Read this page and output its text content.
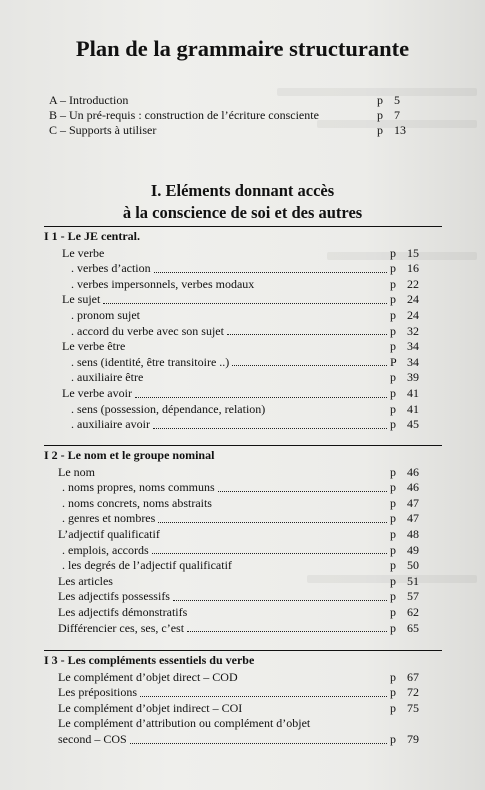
Plan de la grammaire structurante
A – Introduction	p 5
B – Un pré-requis : construction de l’écriture consciente	p 7
C – Supports à utiliser	p 13
I. Eléments donnant accès
à la conscience de soi et des autres
I 1 - Le JE central.
Le verbe	p 15
. verbes d’action	p 16
. verbes impersonnels, verbes modaux	p 22
Le sujet	p 24
. pronom sujet	p 24
. accord du verbe avec son sujet	p 32
Le verbe être	p 34
. sens (identité, être transitoire ..)	P 34
. auxiliaire être	p 39
Le verbe avoir	p 41
. sens (possession, dépendance, relation)	p 41
. auxiliaire avoir	p 45
I 2 - Le nom et le groupe nominal
Le nom	p 46
. noms propres, noms communs	p 46
. noms concrets, noms abstraits	p 47
. genres et nombres	p 47
L’adjectif qualificatif	p 48
. emplois, accords	p 49
. les degrés de l’adjectif qualificatif	p 50
Les articles	p 51
Les adjectifs possessifs	p 57
Les adjectifs démonstratifs	p 62
Différencier ces, ses, c’est	p 65
I 3 - Les compléments essentiels du verbe
Le complément d’objet direct – COD	p 67
Les prépositions	p 72
Le complément d’objet indirect – COI	p 75
Le complément d’attribution ou complément d’objet
second – COS	p 79
